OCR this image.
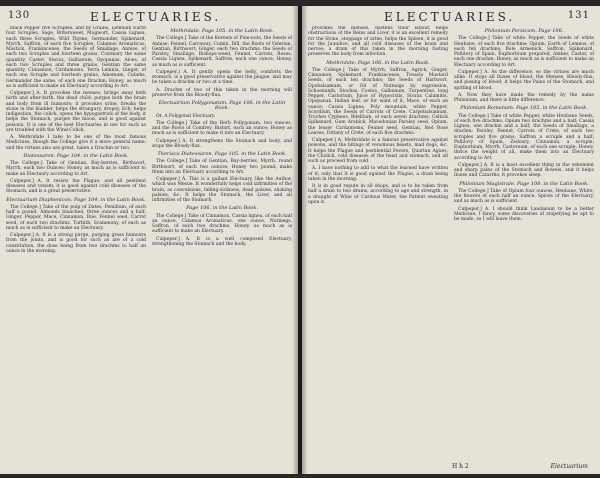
130	ELECTUARIES.

black Pepper five Scruples, and by Grains, Lemnian Earth four Scruples, Sage, Bittersweet, Mugwort, Cassia Lignea, each three Scruples, Wild Thyme, Germander, Spikenard, Myrrh, Saffron, of each five Scruples, Calamus Aromaticus, Mastick, Frankincense, the Seeds of Smallage, Annise, of each two Scruples and fourteen grains, Costmary the same quantity, Castor, Storax, Galbanum, Opopanax, Aloes, of each two Scruples and three grains, Gentian the same quantity, Cinnamon, Cardamoms, Terra Lemnia, Ginger, of each one Scruple and fourteen grains, Amomum, Cubebs, Germander the same, of each one Drachm; Honey, as much as is sufficient to make an Electuary according to Art.

Culpeper.] A. It provokes the menses, brings away both birth and after-birth, the dead child; purges both the brain and body from ill humours; it provokes urine, breaks the stone in the bladder, helps the strangury, dropsy, itch; helps indigestion, the colick, opens the hypogastrick of the body, it helps the Stomach, purges the blood, and is good against poisons. It is one of the best Electuaries in use for such as are troubled with the Wind-Colick.

A. Methridate I take to be one of the most famous Medicines, though the College give it a more general name; and the virtues also are great, taken a Drachm or two.

Diatessaron. Page 104. in the Latin Book.

The College.] Take of Gentian, Bay-berries, Birthwort, Myrrh, each two Ounces; Honey, as much as is sufficient to make an Electuary according to Art.

Culpeper.] A. It resists the Plague, and all pestilent diseases and venom; it is good against cold diseases of the Stomach, and is a great preservative.

Electuarium Diaphenicon. Page 104. in the Latin Book.

The College.] Take of the pulp of Dates, Penidium, of each half a pound, Almonds blanched, three ounces and a half; Ginger, Pepper, Mace, Cinnamon, Rue, Fennel seed, Carrot seed, of each two drachms, Turbith, Scammony, of each as much as is sufficient to make an Electuary.

Culpeper.] A. It is a strong purge, purging gross humours from the joints, and is good for such as are of a cold constitution, the dose being from two drachms to half an ounce in the morning.

Methridate. Page 105. in the Latin Book.

The College.] Take of the Kernels of Pine-nuts, the Seeds of Annise, Fennel, Carraway, Cumin, Dill, the Roots of Valerian, Gentian, Birthwort, Ginger, each two drachms; the Seeds of Parsley, Smallage, Bishops-weed, Fennel, Carrots, Roses, Cassia Lignea, Spikenard, Saffron, each one ounce; Honey, as much as is sufficient.

Culpeper.] A. It gently opens the belly, comforts the stomach, is a good preservative against the plague, and may be taken a drachm or two at a time.

A. Drachm of two of this taken in the morning will preserve from the Bloody-flux.

Electuarium Pollygonatum. Page 106. in the Latin Book.

Or, A Polygonal Electuary.

The College.] Take of the Herb Pollygonum, two ounces, and the Roots of Comfrey, Bistort, each an ounce; Honey as much as is sufficient to make it into an Electuary.

Culpeper.] A. It strengthens the Stomach and body, and stops the Bloody-flux.

Theriaca Diatessaron. Page 105. in the Latin Book.

The College.] Take of Gentian, Bay-berries, Myrrh, round Birthwort, of each two ounces; Honey two pound; make them into an Electuary according to Art.

Culpeper.] A. This is a gallant Electuary, like the Author, which was Mesue. It wonderfully helps cold infirmities of the brain, as convulsions, falling-sickness, dead palsies, shaking palsies, &c. It helps the Stomach, the Liver, and all infirmities of the Stomach.

Page 106. in the Latin Book.

The College.] Take of Cinnamon, Cassia lignea, of each half an ounce, Calamus Aromaticus, one ounce, Nutmegs, Saffron, of each two drachms, Honey, as much as is sufficient to make an Electuary.

Culpeper.] A. It is a well composed Electuary, strengthening the Stomach and the body.

ELECTUARIES.	131

provokes the menses, hastens their labour, helps obstructions of the Reins and Liver, it is an excellent remedy for the Stone, stoppage of urine, helps the Spleen, it is good for the Jaundice, and all cold diseases of the brain and nerves; a dram of this taken in the morning fasting preserves the body from infection.

Methridate. Page 106. in the Latin Book.

The College.] Take of Myrrh, Saffron, Agrick, Ginger, Cinnamon, Spikenard, Frankincense, Treacle Mustard Seeds, of each ten drachms; the Seeds of Hartwort, Opobalsamum, or Oil of Nutmegs by expression, Schoenanth, Stochas, Costus, Galbanum, Turpentine, long Pepper, Castorium, Juice of Hypocistis, Storax Calamitis, Opopanax, Indian leaf, or for want of it, Mace, of each an ounce; Cassia Lignea, Poly mountain, white Pepper, Scordium, the Seeds of Carrots of Crete, Carpobalsamum, Troches Cypheos, Bdellium, of each seven drachms; Celtick Spikenard, Gum Arabick, Macedonian Parsley seed, Opium, the lesser Cardamoms, Fennel seed, Gentian, Red Rose Leaves, Dittany of Crete, of each five drachms.

Culpeper.] A. Methridate is a famous preservative against poisons, and the bitings of venomous beasts, mad dogs, &c. It helps the Plague and pestilential Fevers, Quartan Agues, the Cholick, cold diseases of the head and stomach, and all such as proceed from cold.

A. I have nothing to add to what the learned have written of it; only that it is good against the Plague, a dram being taken in the morning.

It is in good repute in all shops, and is to be taken from half a dram to two drams, according to age and strength, in a draught of Wine or Carduus Water, the Patient sweating upon it.

Philonium Persicum. Page 106.

The College.] Take of white Pepper, the Seeds of white Henbane, of each five drachms; Opium, Earth of Lemnos, of each ten drachms; Bole Armenick, Saffron, Spikenard, Pellitory of Spain, Euphorbium prepared, Amber, Castor, of each one drachm; Honey, as much as is sufficient to make an Electuary according to Art.

Culpeper.] A. As the difference, so the virtues are much alike. It stops all fluxes of blood, the Menses, Bloody-flux, and pissing of blood; it helps the Pains of the Stomach, and spitting of blood.

A. Now they have made the remedy by the name Philonium, and there is little difference.

Philonium Romanum. Page 105. in the Latin Book.

The College.] Take of white Pepper, white Henbane Seeds, of each five drachms; Opium two drachms and a half; Cassia Lignea, one drachm and a half; the Seeds of Smallage, a drachm; Parsley, Fennel, Carrots of Crete, of each two scruples and five grains; Saffron a scruple and a half; Pellitory of Spain, Zedoary, Cinnamon, a scruple; Euphorbium, Myrrh, Castoreum, of each one scruple; Honey, thrice the weight of all, make them into an Electuary according to Art.

Culpeper.] A. It is a most excellent thing in the vehement and sharp pains of the Stomach and Bowels, and it helps fluxes and Catarrhs; it provokes sleep.

Philonium Magistrale. Page 108. in the Latin Book.

The College.] Take of Opium four ounces, Henbane, White, the flowers of each half an ounce, Spices of the Electuary, and as much as is sufficient.

Culpeper.] A. I should think Laudanum to be a better Medicine; I fancy, some discoveries of stupefying be apt to be made, so I will leave them.

H h 2	Electuarium
